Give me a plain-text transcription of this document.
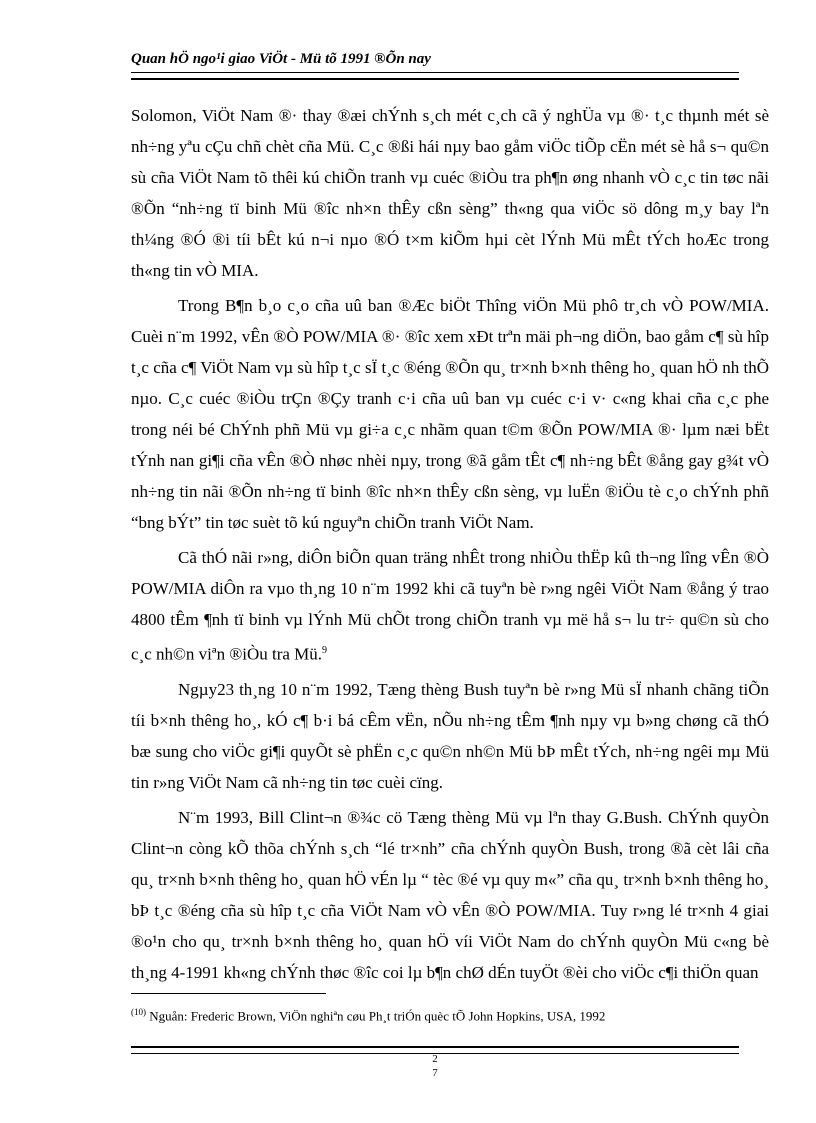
Quan hÖ ngo¹i giao ViÖt - Mü tõ 1991 ®Õn nay

Solomon, ViÖt Nam ®· thay ®æi chÝnh s¸ch mét c¸ch cã ý nghÜa vµ ®· t¸c thµnh mét sè nh÷ng yªu cÇu chñ chèt cña Mü. C¸c ®ßi hái nµy bao gåm viÖc tiÕp cËn mét sè hå s¬ qu©n sù cña ViÖt Nam tõ thêi kú chiÕn tranh vµ cuéc ®iÒu tra ph¶n øng nhanh vÒ c¸c tin tøc nãi ®Õn “nh÷ng tï binh Mü ®îc nh×n thÊy cßn sèng” th«ng qua viÖc sö dông m¸y bay lªn th¼ng ®Ó ®i tíi bÊt kú n¬i nµo ®Ó t×m kiÕm hµi cèt lÝnh Mü mÊt tÝch hoÆc trong th«ng tin vÒ MIA.

Trong B¶n b¸o c¸o cña uû ban ®Æc biÖt Thîng viÖn Mü phô tr¸ch vÒ POW/MIA. Cuèi n¨m 1992, vÊn ®Ò POW/MIA ®· ®îc xem xÐt trªn mäi ph¬ng diÖn, bao gåm c¶ sù hîp t¸c cña c¶ ViÖt Nam vµ sù hîp t¸c sÏ t¸c ®éng ®Õn qu¸ tr×nh b×nh thêng ho¸ quan hÖ nh thÕ nµo. C¸c cuéc ®iÒu trÇn ®Çy tranh c·i cña uû ban vµ cuéc c·i v· c«ng khai cña c¸c phe trong néi bé ChÝnh phñ Mü vµ gi÷a c¸c nhãm quan t©m ®Õn POW/MIA ®· lµm næi bËt tÝnh nan gi¶i cña vÊn ®Ò nhøc nhèi nµy, trong ®ã gåm tÊt c¶ nh÷ng bÊt ®ång gay g¾t vÒ nh÷ng tin nãi ®Õn nh÷ng tï binh ®îc nh×n thÊy cßn sèng, vµ luËn ®iÖu tè c¸o chÝnh phñ “bng bÝt” tin tøc suèt tõ kú nguyªn chiÕn tranh ViÖt Nam.

Cã thÓ nãi r»ng, diÔn biÕn quan träng nhÊt trong nhiÒu thËp kû th¬ng lîng vÊn ®Ò POW/MIA diÔn ra vµo th¸ng 10 n¨m 1992 khi cã tuyªn bè r»ng ngêi ViÖt Nam ®ång ý trao 4800 tÊm ¶nh tï binh vµ lÝnh Mü chÕt trong chiÕn tranh vµ më hå s¬ lu tr÷ qu©n sù cho c¸c nh©n viªn ®iÒu tra Mü.$^9$

Ngµy23 th¸ng 10 n¨m 1992, Tæng thèng Bush tuyªn bè r»ng Mü sÏ nhanh chãng tiÕn tíi b×nh thêng ho¸, kÓ c¶ b·i bá cÊm vËn, nÕu nh÷ng tÊm ¶nh nµy vµ b»ng chøng cã thÓ bæ sung cho viÖc gi¶i quyÕt sè phËn c¸c qu©n nh©n Mü bÞ mÊt tÝch, nh÷ng ngêi mµ Mü tin r»ng ViÖt Nam cã nh÷ng tin tøc cuèi cïng.

N¨m 1993, Bill Clint¬n ®¾c cö Tæng thèng Mü vµ lªn thay G.Bush. ChÝnh quyÒn Clint¬n còng kÕ thõa chÝnh s¸ch “lé tr×nh” cña chÝnh quyÒn Bush, trong ®ã cèt lâi cña qu¸ tr×nh b×nh thêng ho¸ quan hÖ vÉn lµ “ tèc ®é vµ quy m«” cña qu¸ tr×nh b×nh thêng ho¸ bÞ t¸c ®éng cña sù hîp t¸c cña ViÖt Nam vÒ vÊn ®Ò POW/MIA. Tuy r»ng lé tr×nh 4 giai ®o¹n cho qu¸ tr×nh b×nh thêng ho¸ quan hÖ víi ViÖt Nam do chÝnh quyÒn Mü c«ng bè th¸ng 4-1991 kh«ng chÝnh thøc ®îc coi lµ b¶n chØ dÉn tuyÖt ®èi cho viÖc c¶i thiÖn quan

$^{(10)}$ Nguån: Frederic Brown, ViÖn nghiªn cøu Ph¸t triÓn quèc tÕ John Hopkins, USA, 1992
2
7
